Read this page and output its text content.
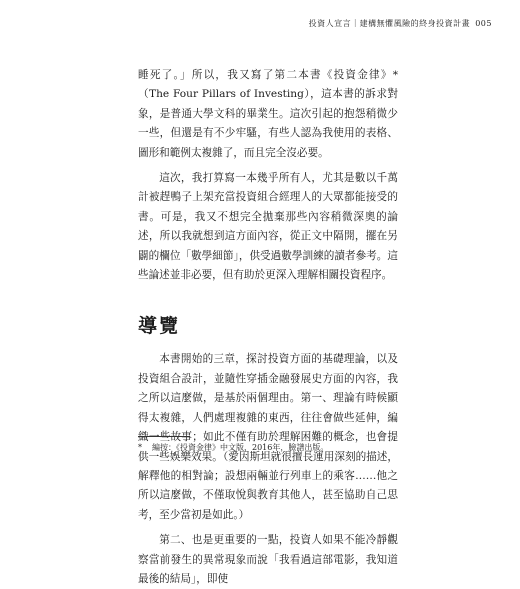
投資人宣言｜建構無懼風險的終身投資計畫 005

睡死了。」所以，我又寫了第二本書《投資金律》* （The Four Pillars of Investing），這本書的訴求對象，是普通大學文科的畢業生。這次引起的抱怨稍微少一些，但還是有不少牢騷，有些人認為我使用的表格、圖形和範例太複雜了，而且完全沒必要。

這次，我打算寫一本幾乎所有人，尤其是數以千萬計被趕鴨子上架充當投資組合經理人的大眾都能接受的書。可是，我又不想完全拋棄那些內容稍微深奧的論述，所以我就想到這方面內容，從正文中隔開，擺在另闢的欄位「數學細節」，供受過數學訓練的讀者參考。這些論述並非必要，但有助於更深入理解相關投資程序。

導覽

本書開始的三章，探討投資方面的基礎理論，以及投資組合設計，並隨性穿插金融發展史方面的內容，我之所以這麼做，是基於兩個理由。第一、理論有時候顯得太複雜，人們處理複雜的東西，往往會做些延伸，編織一些故事；如此不僅有助於理解困難的概念，也會提供一些娛樂效果。（愛因斯坦就很擅長運用深刻的描述，解釋他的相對論；設想兩輛並行列車上的乘客……他之所以這麼做，不僅取悅與教育其他人，甚至協助自己思考，至少當初是如此。）

第二、也是更重要的一點，投資人如果不能冷靜觀察當前發生的異常現象而說「我看過這部電影，我知道最後的結局」，即使

* 編按：《投資金律》中文版，2016年，臉譜出版。
